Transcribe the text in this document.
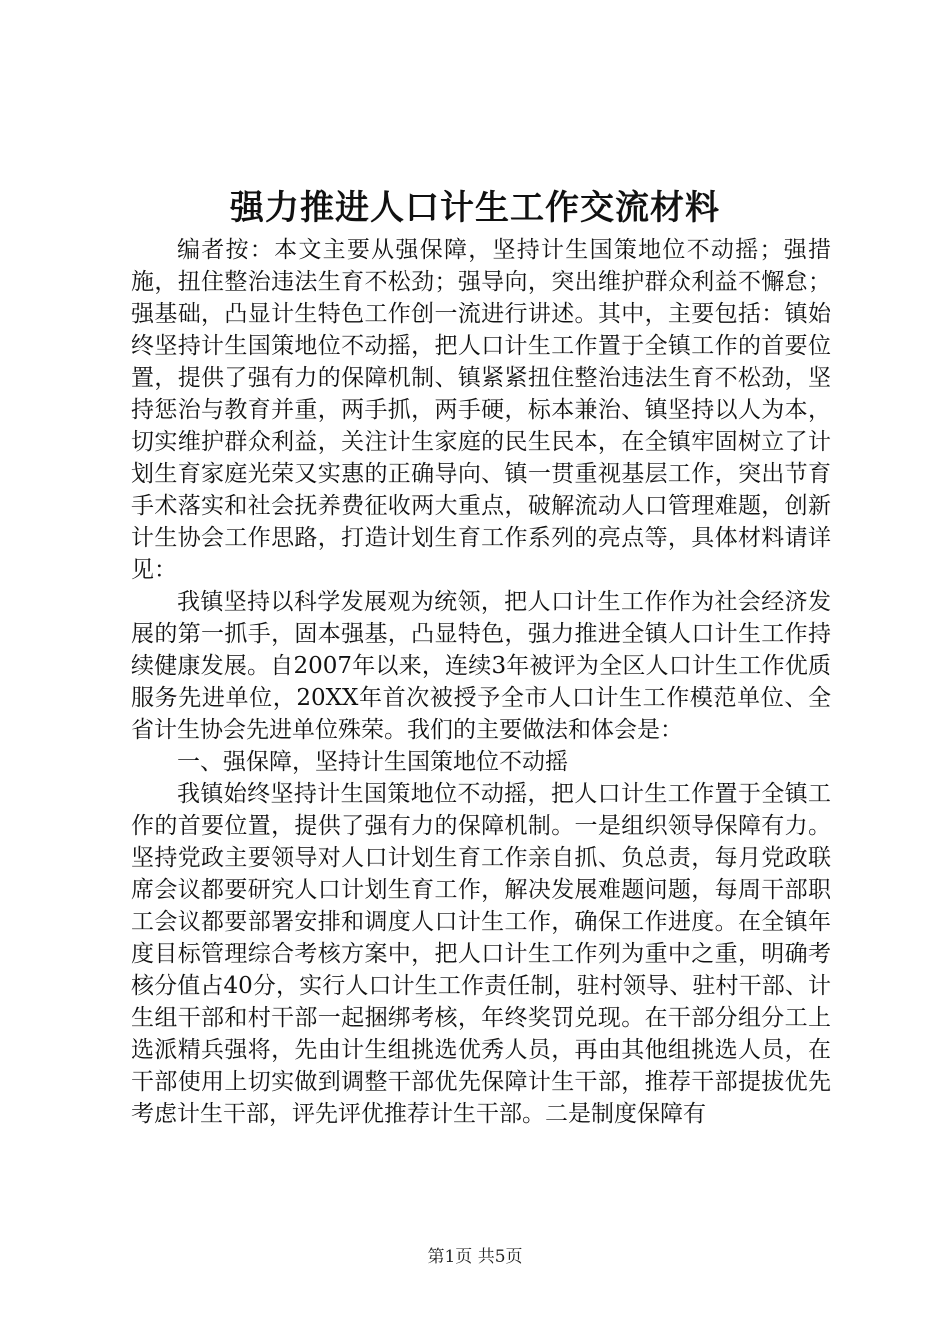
强力推进人口计生工作交流材料

编者按：本文主要从强保障，坚持计生国策地位不动摇；强措施，扭住整治违法生育不松劲；强导向，突出维护群众利益不懈怠；强基础，凸显计生特色工作创一流进行讲述。其中，主要包括：镇始终坚持计生国策地位不动摇，把人口计生工作置于全镇工作的首要位置，提供了强有力的保障机制、镇紧紧扭住整治违法生育不松劲，坚持惩治与教育并重，两手抓，两手硬，标本兼治、镇坚持以人为本，切实维护群众利益，关注计生家庭的民生民本，在全镇牢固树立了计划生育家庭光荣又实惠的正确导向、镇一贯重视基层工作，突出节育手术落实和社会抚养费征收两大重点，破解流动人口管理难题，创新计生协会工作思路，打造计划生育工作系列的亮点等，具体材料请详见：

我镇坚持以科学发展观为统领，把人口计生工作作为社会经济发展的第一抓手，固本强基，凸显特色，强力推进全镇人口计生工作持续健康发展。自2007年以来，连续3年被评为全区人口计生工作优质服务先进单位，20XX年首次被授予全市人口计生工作模范单位、全省计生协会先进单位殊荣。我们的主要做法和体会是：

一、强保障，坚持计生国策地位不动摇

我镇始终坚持计生国策地位不动摇，把人口计生工作置于全镇工作的首要位置，提供了强有力的保障机制。一是组织领导保障有力。坚持党政主要领导对人口计划生育工作亲自抓、负总责，每月党政联席会议都要研究人口计划生育工作，解决发展难题问题，每周干部职工会议都要部署安排和调度人口计生工作，确保工作进度。在全镇年度目标管理综合考核方案中，把人口计生工作列为重中之重，明确考核分值占40分，实行人口计生工作责任制，驻村领导、驻村干部、计生组干部和村干部一起捆绑考核，年终奖罚兑现。在干部分组分工上选派精兵强将，先由计生组挑选优秀人员，再由其他组挑选人员，在干部使用上切实做到调整干部优先保障计生干部，推荐干部提拔优先考虑计生干部，评先评优推荐计生干部。二是制度保障有

第1页 共5页
